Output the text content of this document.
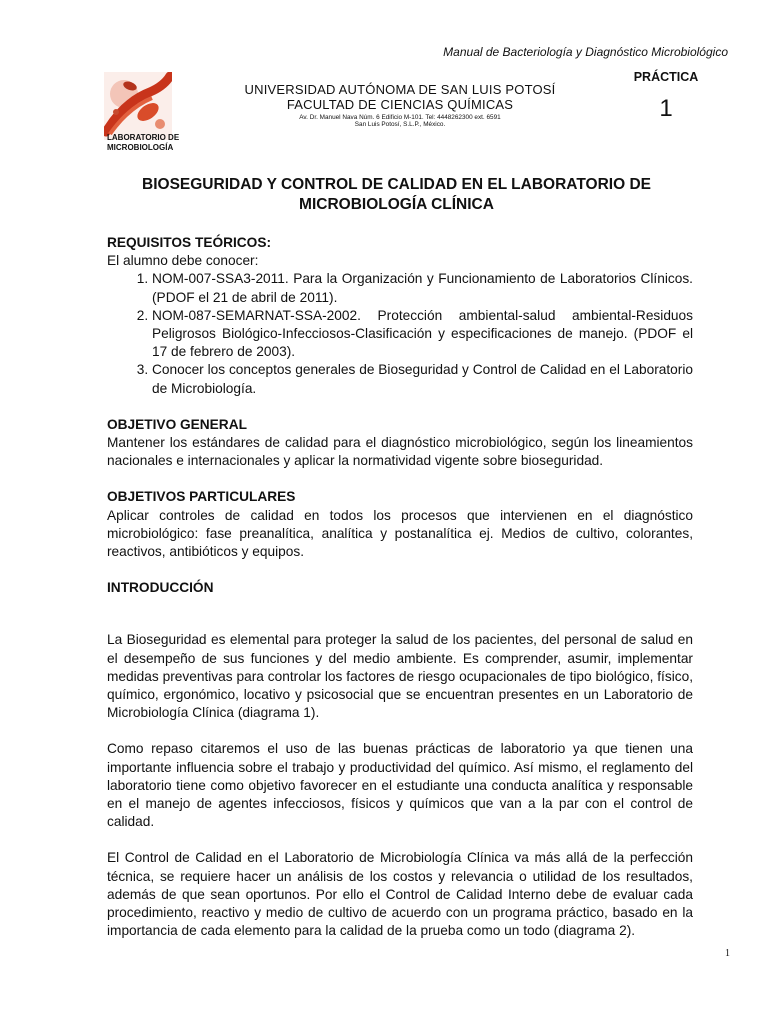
Manual de Bacteriología y Diagnóstico Microbiológico
LABORATORIO DE
MICROBIOLOGÍA
UNIVERSIDAD AUTÓNOMA DE SAN LUIS POTOSÍ
FACULTAD DE CIENCIAS QUÍMICAS
Av. Dr. Manuel Nava Núm. 6 Edificio M-101. Tel: 4448262300 ext. 6591
San Luis Potosí, S.L.P., México.
PRÁCTICA
1
BIOSEGURIDAD Y CONTROL DE CALIDAD EN EL LABORATORIO DE MICROBIOLOGÍA CLÍNICA
REQUISITOS TEÓRICOS:

El alumno debe conocer:

1. NOM-007-SSA3-2011. Para la Organización y Funcionamiento de Laboratorios Clínicos. (PDOF el 21 de abril de 2011).
2. NOM-087-SEMARNAT-SSA-2002. Protección ambiental-salud ambiental-Residuos Peligrosos Biológico-Infecciosos-Clasificación y especificaciones de manejo. (PDOF el 17 de febrero de 2003).
3. Conocer los conceptos generales de Bioseguridad y Control de Calidad en el Laboratorio de Microbiología.
OBJETIVO GENERAL

Mantener los estándares de calidad para el diagnóstico microbiológico, según los lineamientos nacionales e internacionales y aplicar la normatividad vigente sobre bioseguridad.

OBJETIVOS PARTICULARES

Aplicar controles de calidad en todos los procesos que intervienen en el diagnóstico microbiológico: fase preanalítica, analítica y postanalítica ej. Medios de cultivo, colorantes, reactivos, antibióticos y equipos.

INTRODUCCIÓN

La Bioseguridad es elemental para proteger la salud de los pacientes, del personal de salud en el desempeño de sus funciones y del medio ambiente. Es comprender, asumir, implementar medidas preventivas para controlar los factores de riesgo ocupacionales de tipo biológico, físico, químico, ergonómico, locativo y psicosocial que se encuentran presentes en un Laboratorio de Microbiología Clínica (diagrama 1).

Como repaso citaremos el uso de las buenas prácticas de laboratorio ya que tienen una importante influencia sobre el trabajo y productividad del químico. Así mismo, el reglamento del laboratorio tiene como objetivo favorecer en el estudiante una conducta analítica y responsable en el manejo de agentes infecciosos, físicos y químicos que van a la par con el control de calidad.

El Control de Calidad en el Laboratorio de Microbiología Clínica va más allá de la perfección técnica, se requiere hacer un análisis de los costos y relevancia o utilidad de los resultados, además de que sean oportunos. Por ello el Control de Calidad Interno debe de evaluar cada procedimiento, reactivo y medio de cultivo de acuerdo con un programa práctico, basado en la importancia de cada elemento para la calidad de la prueba como un todo (diagrama 2).

1
